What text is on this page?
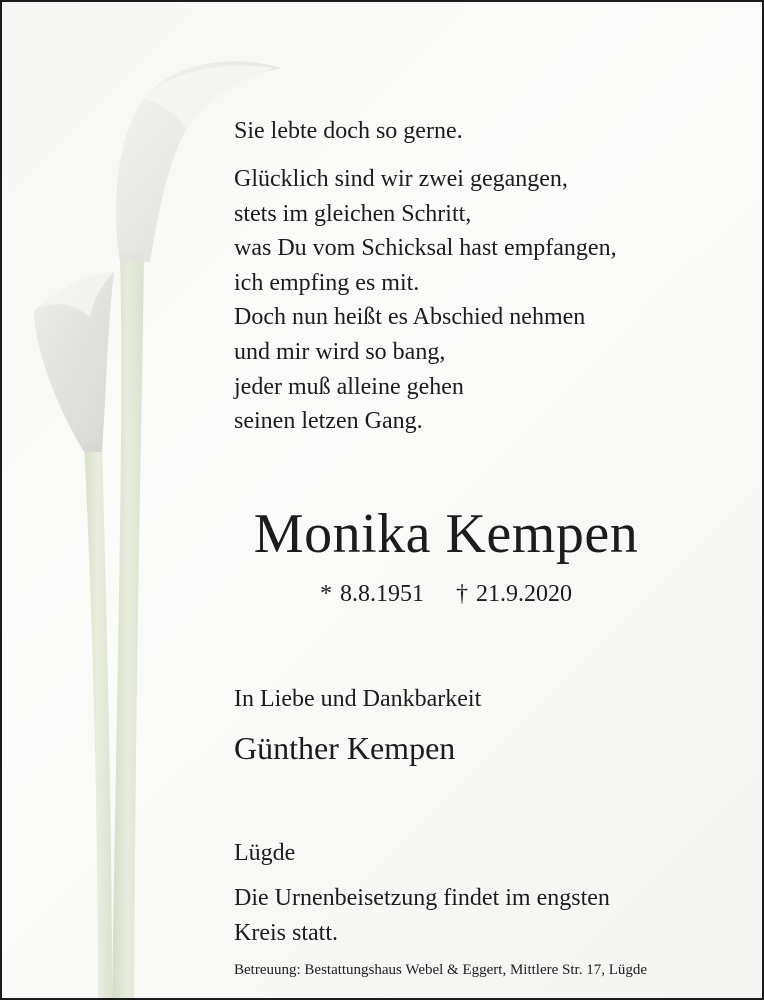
Sie lebte doch so gerne.
Glücklich sind wir zwei gegangen,
stets im gleichen Schritt,
was Du vom Schicksal hast empfangen,
ich empfing es mit.
Doch nun heißt es Abschied nehmen
und mir wird so bang,
jeder muß alleine gehen
seinen letzen Gang.
Monika Kempen
* 8.8.1951 † 21.9.2020
In Liebe und Dankbarkeit
Günther Kempen
Lügde
Die Urnenbeisetzung findet im engsten
Kreis statt.
Betreuung: Bestattungshaus Webel & Eggert, Mittlere Str. 17, Lügde
